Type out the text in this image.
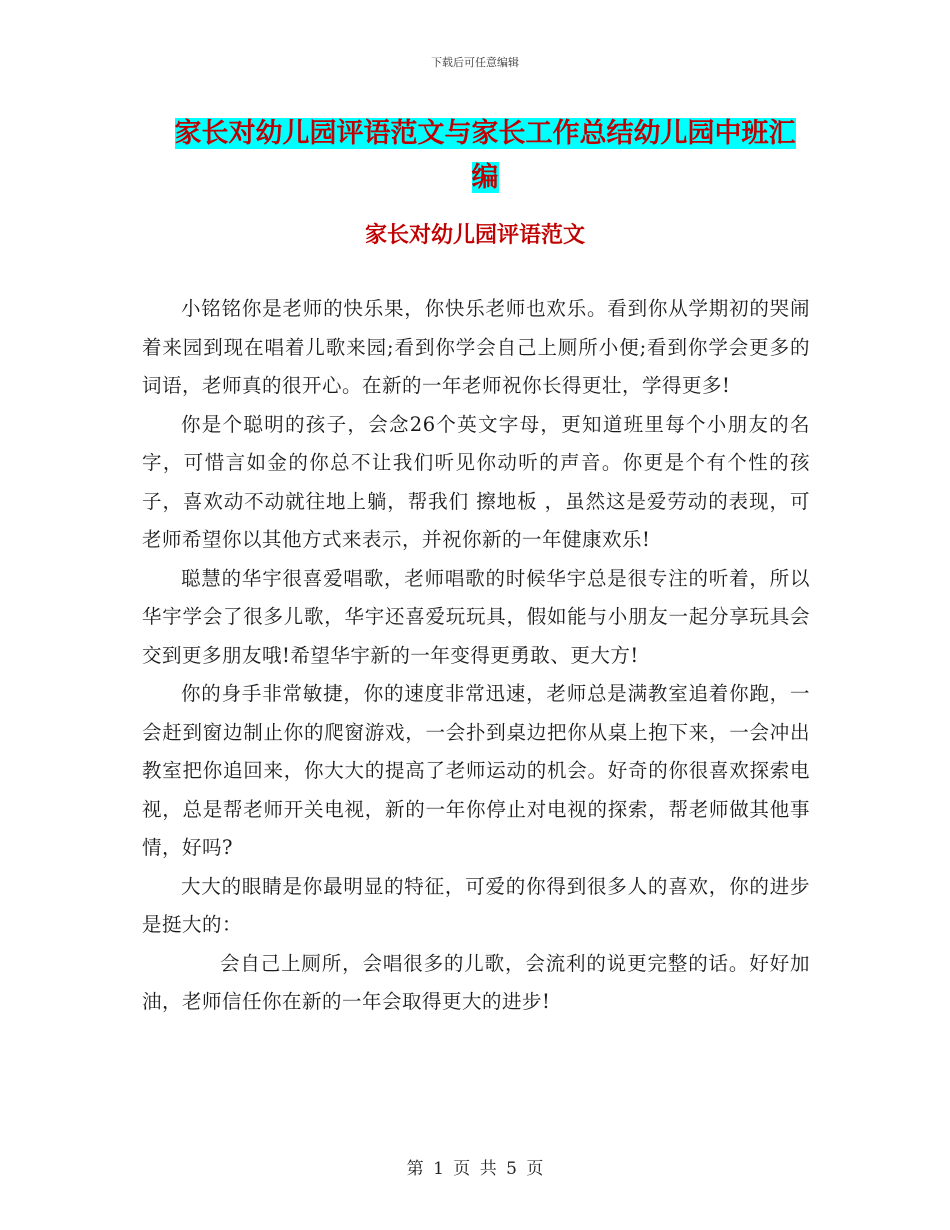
下载后可任意编辑
家长对幼儿园评语范文与家长工作总结幼儿园中班汇
编
家长对幼儿园评语范文

小铭铭你是老师的快乐果，你快乐老师也欢乐。看到你从学期初的哭闹着来园到现在唱着儿歌来园;看到你学会自己上厕所小便;看到你学会更多的词语，老师真的很开心。在新的一年老师祝你长得更壮，学得更多!

你是个聪明的孩子，会念26个英文字母，更知道班里每个小朋友的名字，可惜言如金的你总不让我们听见你动听的声音。你更是个有个性的孩子，喜欢动不动就往地上躺，帮我们 擦地板 ，虽然这是爱劳动的表现，可老师希望你以其他方式来表示，并祝你新的一年健康欢乐!

聪慧的华宇很喜爱唱歌，老师唱歌的时候华宇总是很专注的听着，所以华宇学会了很多儿歌，华宇还喜爱玩玩具，假如能与小朋友一起分享玩具会交到更多朋友哦!希望华宇新的一年变得更勇敢、更大方!

你的身手非常敏捷，你的速度非常迅速，老师总是满教室追着你跑，一会赶到窗边制止你的爬窗游戏，一会扑到桌边把你从桌上抱下来，一会冲出教室把你追回来，你大大的提高了老师运动的机会。好奇的你很喜欢探索电视，总是帮老师开关电视，新的一年你停止对电视的探索，帮老师做其他事情，好吗?

大大的眼睛是你最明显的特征，可爱的你得到很多人的喜欢，你的进步是挺大的：

会自己上厕所，会唱很多的儿歌，会流利的说更完整的话。好好加油，老师信任你在新的一年会取得更大的进步!

第 1 页 共 5 页
